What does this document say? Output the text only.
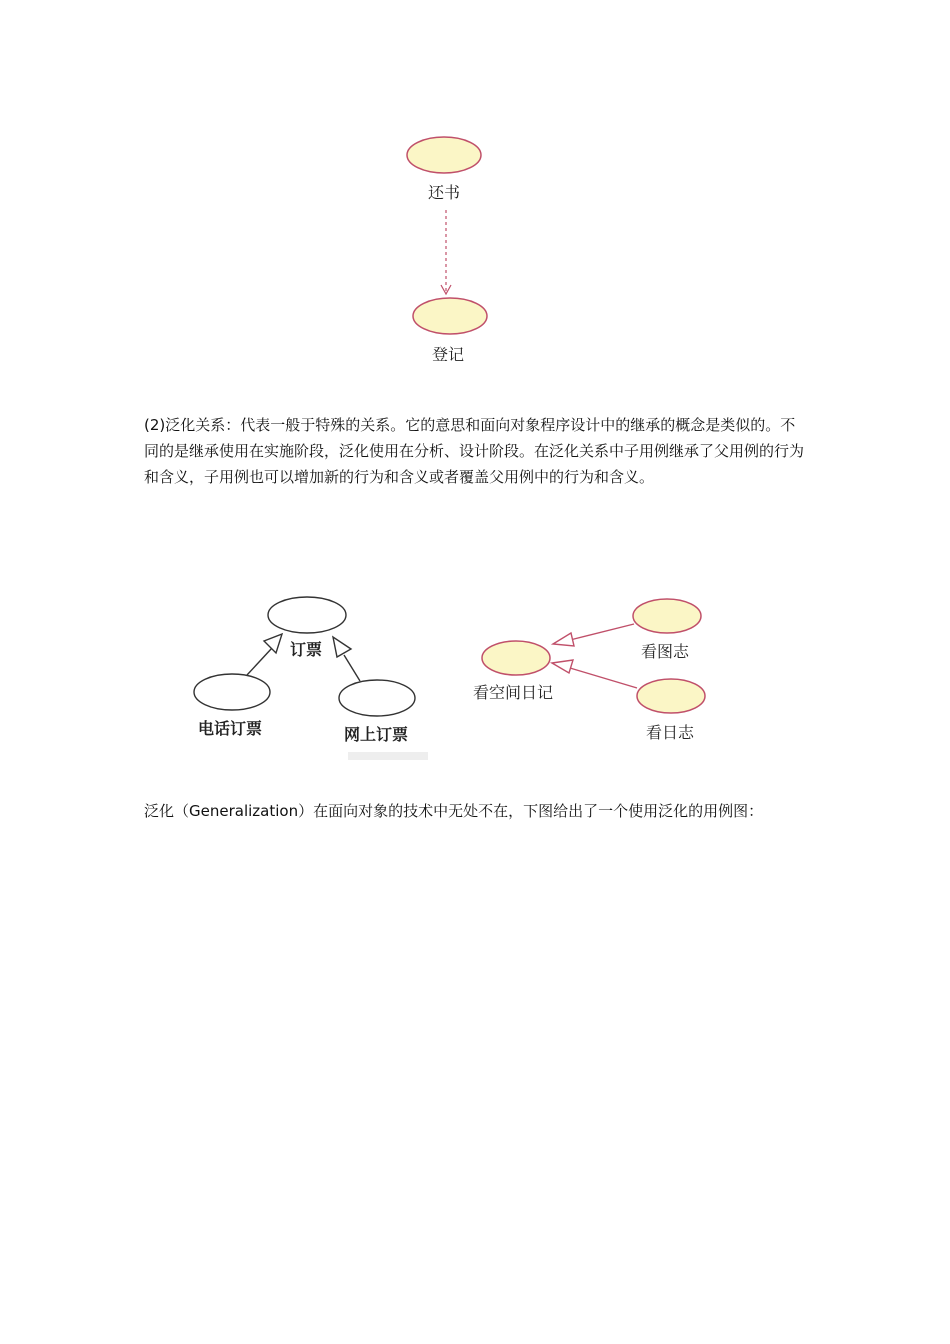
还书
登记
订票
电话订票	网上订票
看空间日记
看图志
看日志

(2)泛化关系：代表一般于特殊的关系。它的意思和面向对象程序设计中的继承的概念是类似的。不同的是继承使用在实施阶段，泛化使用在分析、设计阶段。在泛化关系中子用例继承了父用例的行为和含义，子用例也可以增加新的行为和含义或者覆盖父用例中的行为和含义。

泛化（Generalization）在面向对象的技术中无处不在，下图给出了一个使用泛化的用例图：
